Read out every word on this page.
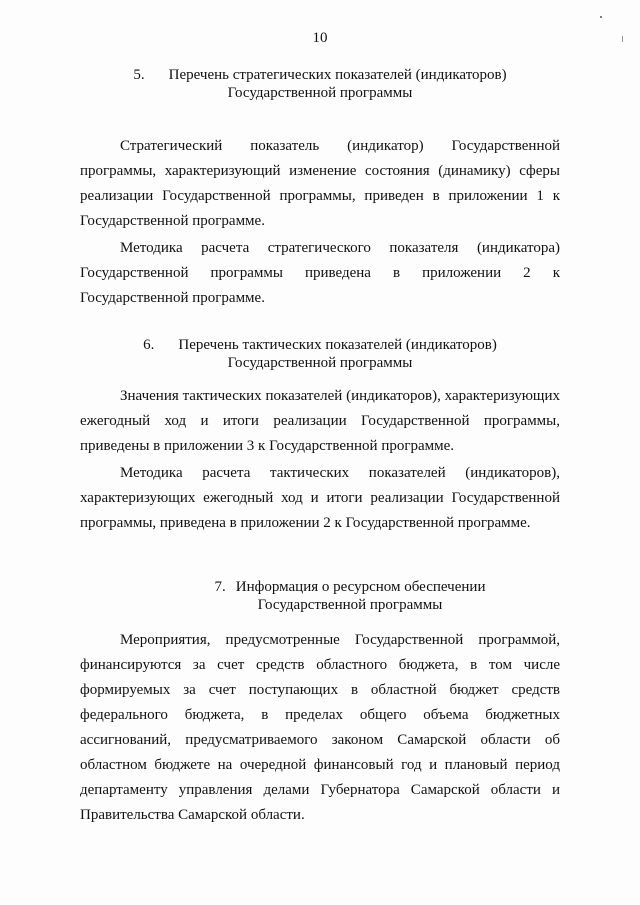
10
5. Перечень стратегических показателей (индикаторов)
Государственной программы
Стратегический показатель (индикатор) Государственной
программы, характеризующий изменение состояния (динамику) сферы
реализации Государственной программы, приведен в приложении 1 к
Государственной программе.
Методика расчета стратегического показателя (индикатора)
Государственной программы приведена в приложении 2 к
Государственной программе.
6. Перечень тактических показателей (индикаторов)
Государственной программы
Значения тактических показателей (индикаторов), характеризующих
ежегодный ход и итоги реализации Государственной программы,
приведены в приложении 3 к Государственной программе.
Методика расчета тактических показателей (индикаторов),
характеризующих ежегодный ход и итоги реализации Государственной
программы, приведена в приложении 2 к Государственной программе.
7. Информация о ресурсном обеспечении
Государственной программы
Мероприятия, предусмотренные Государственной программой,
финансируются за счет средств областного бюджета, в том числе
формируемых за счет поступающих в областной бюджет средств
федерального бюджета, в пределах общего объема бюджетных
ассигнований, предусматриваемого законом Самарской области об
областном бюджете на очередной финансовый год и плановый период
департаменту управления делами Губернатора Самарской области и
Правительства Самарской области.
